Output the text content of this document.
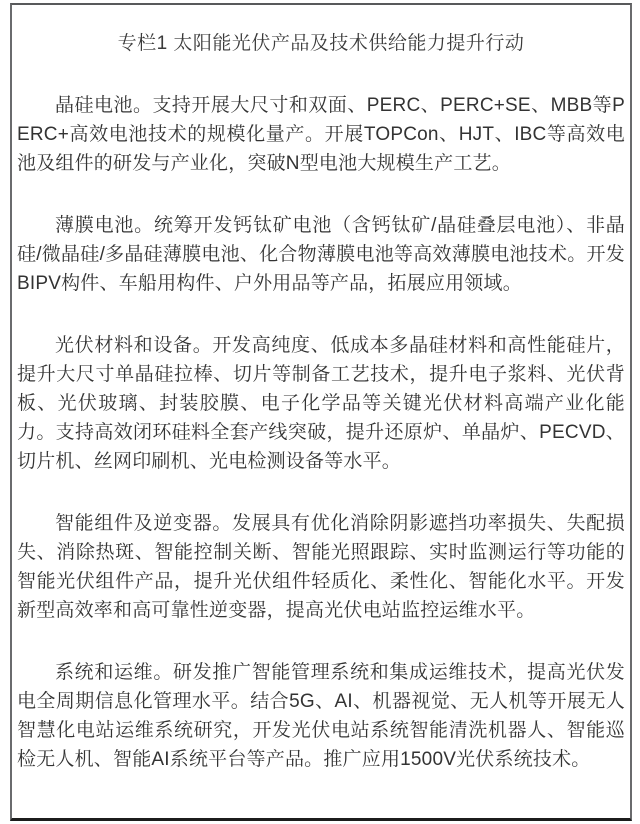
专栏1 太阳能光伏产品及技术供给能力提升行动

晶硅电池。支持开展大尺寸和双面、PERC、PERC+SE、MBB等PERC+高效电池技术的规模化量产。开展TOPCon、HJT、IBC等高效电池及组件的研发与产业化，突破N型电池大规模生产工艺。

薄膜电池。统筹开发钙钛矿电池（含钙钛矿/晶硅叠层电池）、非晶硅/微晶硅/多晶硅薄膜电池、化合物薄膜电池等高效薄膜电池技术。开发BIPV构件、车船用构件、户外用品等产品，拓展应用领域。

光伏材料和设备。开发高纯度、低成本多晶硅材料和高性能硅片，提升大尺寸单晶硅拉棒、切片等制备工艺技术，提升电子浆料、光伏背板、光伏玻璃、封装胶膜、电子化学品等关键光伏材料高端产业化能力。支持高效闭环硅料全套产线突破，提升还原炉、单晶炉、PECVD、切片机、丝网印刷机、光电检测设备等水平。

智能组件及逆变器。发展具有优化消除阴影遮挡功率损失、失配损失、消除热斑、智能控制关断、智能光照跟踪、实时监测运行等功能的智能光伏组件产品，提升光伏组件轻质化、柔性化、智能化水平。开发新型高效率和高可靠性逆变器，提高光伏电站监控运维水平。

系统和运维。研发推广智能管理系统和集成运维技术，提高光伏发电全周期信息化管理水平。结合5G、AI、机器视觉、无人机等开展无人智慧化电站运维系统研究，开发光伏电站系统智能清洗机器人、智能巡检无人机、智能AI系统平台等产品。推广应用1500V光伏系统技术。
